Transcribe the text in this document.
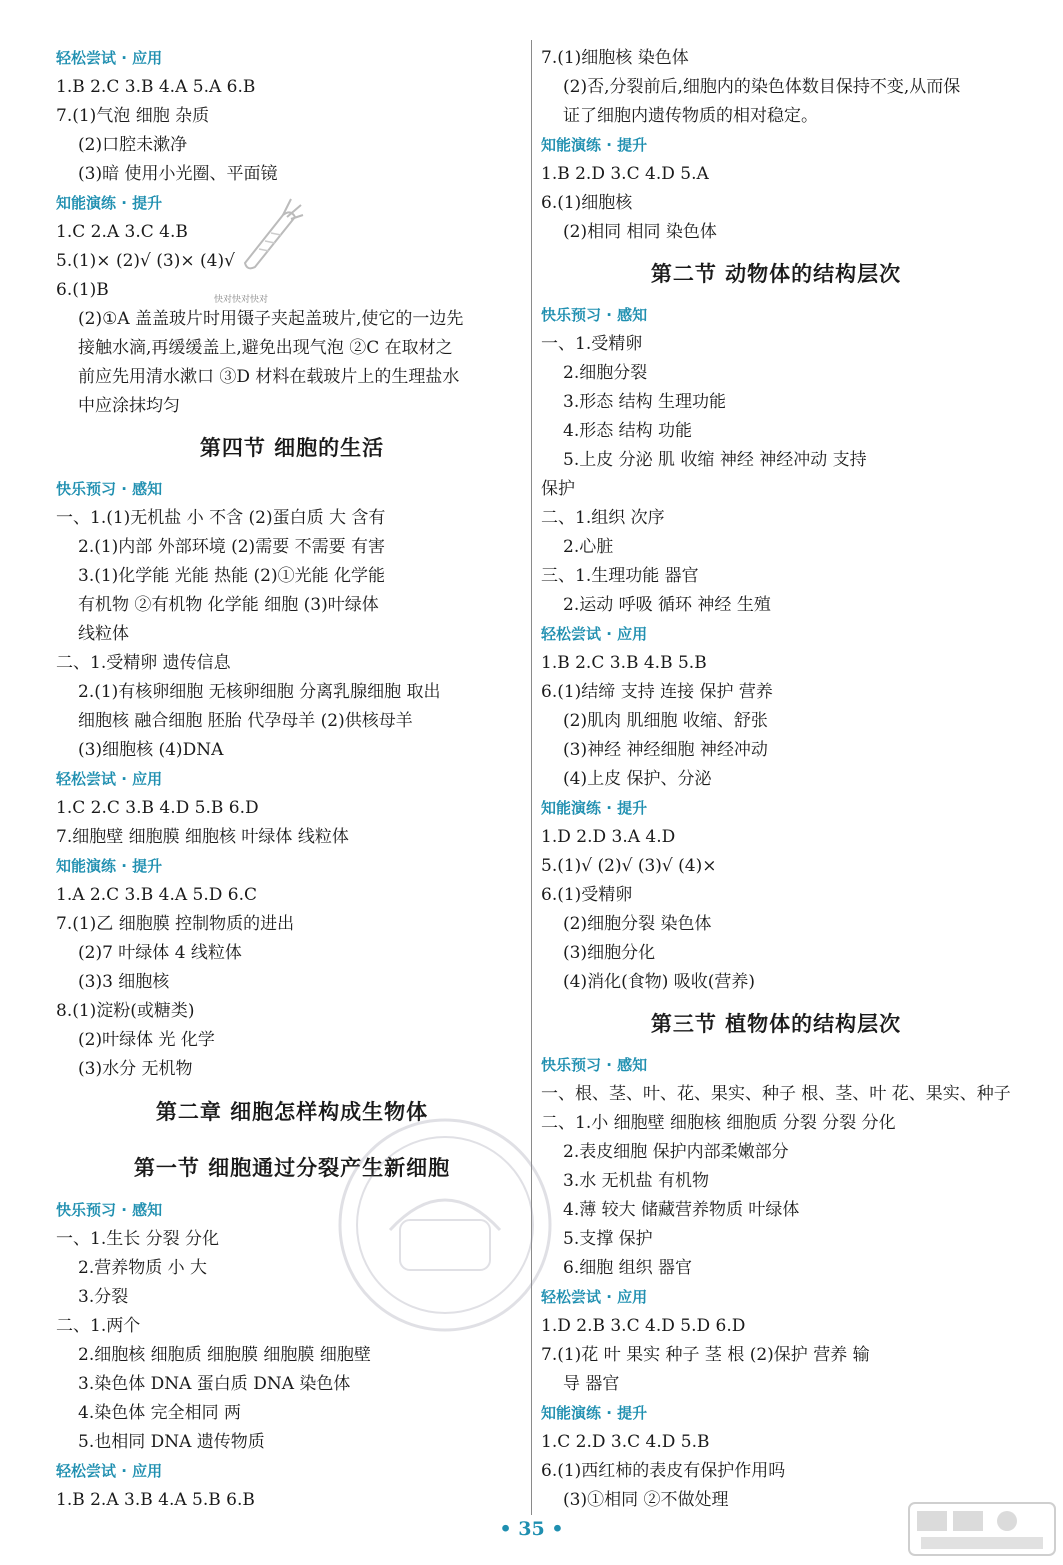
轻松尝试 · 应用
1.B 2.C 3.B 4.A 5.A 6.B
7.(1)气泡 细胞 杂质
(2)口腔未漱净
(3)暗 使用小光圈、平面镜
知能演练 · 提升
1.C 2.A 3.C 4.B
5.(1)× (2)√ (3)× (4)√
6.(1)B
(2)①A 盖盖玻片时用镊子夹起盖玻片,使它的一边先
接触水滴,再缓缓盖上,避免出现气泡 ②C 在取材之
前应先用清水漱口 ③D 材料在载玻片上的生理盐水
中应涂抹均匀
第四节 细胞的生活
快乐预习 · 感知
一、1.(1)无机盐 小 不含 (2)蛋白质 大 含有
2.(1)内部 外部环境 (2)需要 不需要 有害
3.(1)化学能 光能 热能 (2)①光能 化学能
有机物 ②有机物 化学能 细胞 (3)叶绿体
线粒体
二、1.受精卵 遗传信息
2.(1)有核卵细胞 无核卵细胞 分离乳腺细胞 取出
细胞核 融合细胞 胚胎 代孕母羊 (2)供核母羊
(3)细胞核 (4)DNA
轻松尝试 · 应用
1.C 2.C 3.B 4.D 5.B 6.D
7.细胞壁 细胞膜 细胞核 叶绿体 线粒体
知能演练 · 提升
1.A 2.C 3.B 4.A 5.D 6.C
7.(1)乙 细胞膜 控制物质的进出
(2)7 叶绿体 4 线粒体
(3)3 细胞核
8.(1)淀粉(或糖类)
(2)叶绿体 光 化学
(3)水分 无机物
第二章 细胞怎样构成生物体
第一节 细胞通过分裂产生新细胞
快乐预习 · 感知
一、1.生长 分裂 分化
2.营养物质 小 大
3.分裂
二、1.两个
2.细胞核 细胞质 细胞膜 细胞膜 细胞壁
3.染色体 DNA 蛋白质 DNA 染色体
4.染色体 完全相同 两
5.也相同 DNA 遗传物质
轻松尝试 · 应用
1.B 2.A 3.B 4.A 5.B 6.B
7.(1)细胞核 染色体
(2)否,分裂前后,细胞内的染色体数目保持不变,从而保
证了细胞内遗传物质的相对稳定。
知能演练 · 提升
1.B 2.D 3.C 4.D 5.A
6.(1)细胞核
(2)相同 相同 染色体
第二节 动物体的结构层次
快乐预习 · 感知
一、1.受精卵
2.细胞分裂
3.形态 结构 生理功能
4.形态 结构 功能
5.上皮 分泌 肌 收缩 神经 神经冲动 支持
保护
二、1.组织 次序
2.心脏
三、1.生理功能 器官
2.运动 呼吸 循环 神经 生殖
轻松尝试 · 应用
1.B 2.C 3.B 4.B 5.B
6.(1)结缔 支持 连接 保护 营养
(2)肌肉 肌细胞 收缩、舒张
(3)神经 神经细胞 神经冲动
(4)上皮 保护、分泌
知能演练 · 提升
1.D 2.D 3.A 4.D
5.(1)√ (2)√ (3)√ (4)×
6.(1)受精卵
(2)细胞分裂 染色体
(3)细胞分化
(4)消化(食物) 吸收(营养)
第三节 植物体的结构层次
快乐预习 · 感知
一、根、茎、叶、花、果实、种子 根、茎、叶 花、果实、种子
二、1.小 细胞壁 细胞核 细胞质 分裂 分裂 分化
2.表皮细胞 保护内部柔嫩部分
3.水 无机盐 有机物
4.薄 较大 储藏营养物质 叶绿体
5.支撑 保护
6.细胞 组织 器官
轻松尝试 · 应用
1.D 2.B 3.C 4.D 5.D 6.D
7.(1)花 叶 果实 种子 茎 根 (2)保护 营养 输
导 器官
知能演练 · 提升
1.C 2.D 3.C 4.D 5.B
6.(1)西红柿的表皮有保护作用吗
(3)①相同 ②不做处理
快对快对快对
• 35 •
